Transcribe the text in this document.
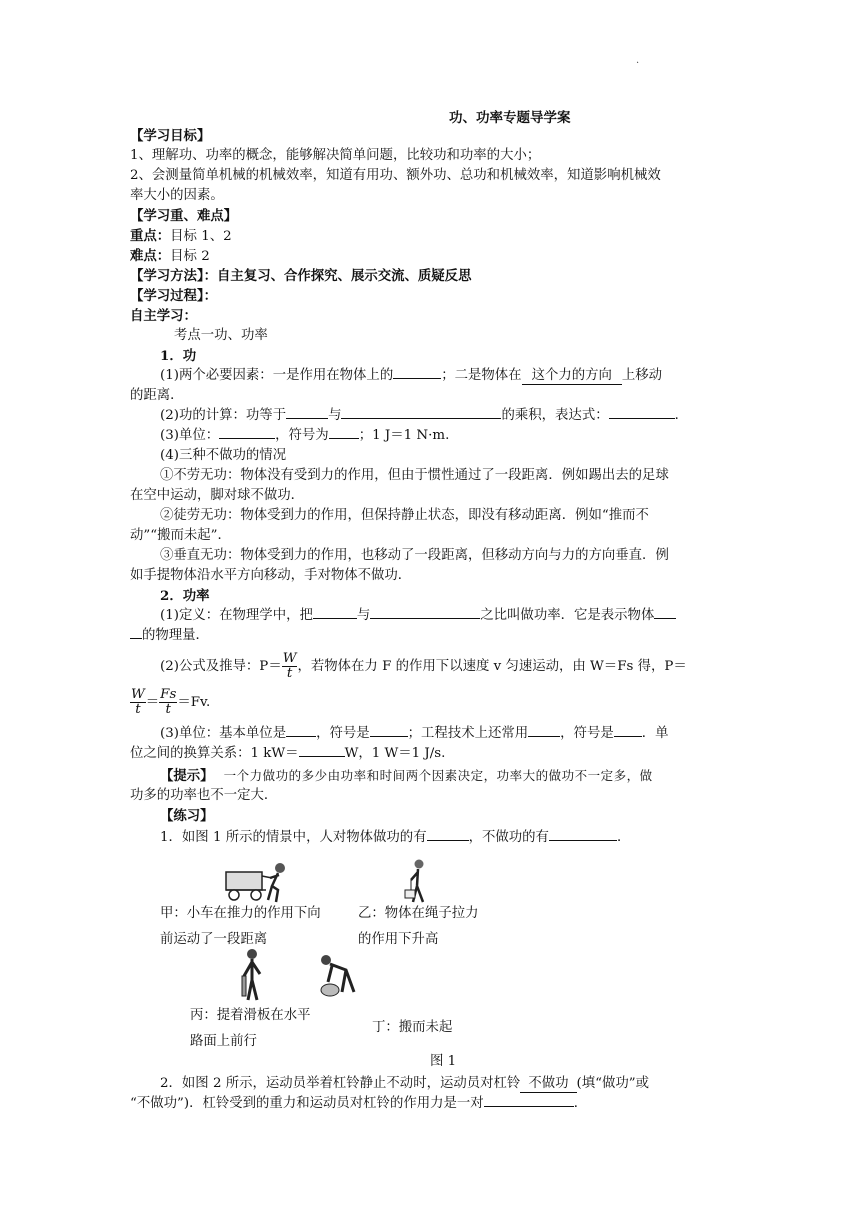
·
功、功率专题导学案
【学习目标】
1、理解功、功率的概念，能够解决简单问题，比较功和功率的大小；
2、会测量简单机械的机械效率，知道有用功、额外功、总功和机械效率，知道影响机械效
率大小的因素。
【学习重、难点】
重点：目标 1、2
难点：目标 2
【学习方法】：自主复习、合作探究、展示交流、质疑反思
【学习过程】：
自主学习：
考点一功、功率
1．功
(1)两个必要因素：一是作用在物体上的	；二是物体在 这个力的方向 上移动
的距离．
(2)功的计算：功等于	与	的乘积，表达式：	．
(3)单位：	，符号为 ；1 J＝1 N·m.
(4)三种不做功的情况
①不劳无功：物体没有受到力的作用，但由于惯性通过了一段距离．例如踢出去的足球
在空中运动，脚对球不做功．
②徒劳无功：物体受到力的作用，但保持静止状态，即没有移动距离．例如“推而不
动”“搬而未起”．
③垂直无功：物体受到力的作用，也移动了一段距离，但移动方向与力的方向垂直．例
如手提物体沿水平方向移动，手对物体不做功．
2．功率
(1)定义：在物理学中，把	与	之比叫做功率．它是表示物体
的物理量．
(2)公式及推导：$P= \frac{W}{t}$ ，若物体在力 F 的作用下以速度 v 匀速运动，由 W＝Fs 得，P＝
$\frac{W}{t} = \frac{Fs}{t} =Fv$.
(3)单位：基本单位是 ，符号是	；工程技术上还常用 ，符号是 ．单
位之间的换算关系：1 kW＝	W，1 W＝1 J/s.
【提示】 一个力做功的多少由功率和时间两个因素决定，功率大的做功不一定多，做
功多的功率也不一定大．
【练习】
1．如图 1 所示的情景中，人对物体做功的有	，不做功的有	．
甲：小车在推力的作用下向
前运动了一段距离
乙：物体在绳子拉力
的作用下升高
丙：提着滑板在水平
路面上前行
丁：搬而未起
图 1
2．如图 2 所示，运动员举着杠铃静止不动时，运动员对杠铃 不做功 (填“做功”或
“不做功”)．杠铃受到的重力和运动员对杠铃的作用力是一对	．
